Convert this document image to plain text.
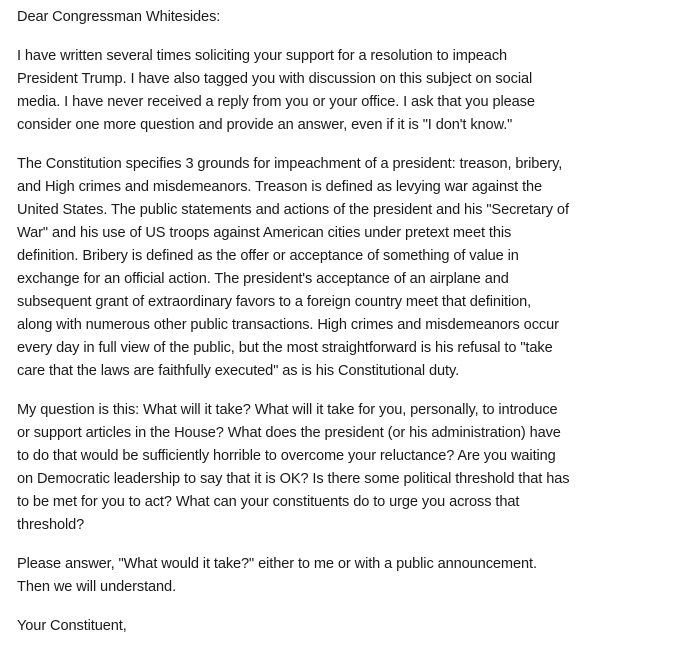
Dear Congressman Whitesides:
I have written several times soliciting your support for a resolution to impeach
President Trump. I have also tagged you with discussion on this subject on social
media. I have never received a reply from you or your office. I ask that you please
consider one more question and provide an answer, even if it is "I don't know."
The Constitution specifies 3 grounds for impeachment of a president: treason, bribery,
and High crimes and misdemeanors. Treason is defined as levying war against the
United States. The public statements and actions of the president and his "Secretary of
War" and his use of US troops against American cities under pretext meet this
definition. Bribery is defined as the offer or acceptance of something of value in
exchange for an official action. The president's acceptance of an airplane and
subsequent grant of extraordinary favors to a foreign country meet that definition,
along with numerous other public transactions. High crimes and misdemeanors occur
every day in full view of the public, but the most straightforward is his refusal to "take
care that the laws are faithfully executed" as is his Constitutional duty.
My question is this: What will it take? What will it take for you, personally, to introduce
or support articles in the House? What does the president (or his administration) have
to do that would be sufficiently horrible to overcome your reluctance? Are you waiting
on Democratic leadership to say that it is OK? Is there some political threshold that has
to be met for you to act? What can your constituents do to urge you across that
threshold?
Please answer, "What would it take?" either to me or with a public announcement.
Then we will understand.
Your Constituent,
